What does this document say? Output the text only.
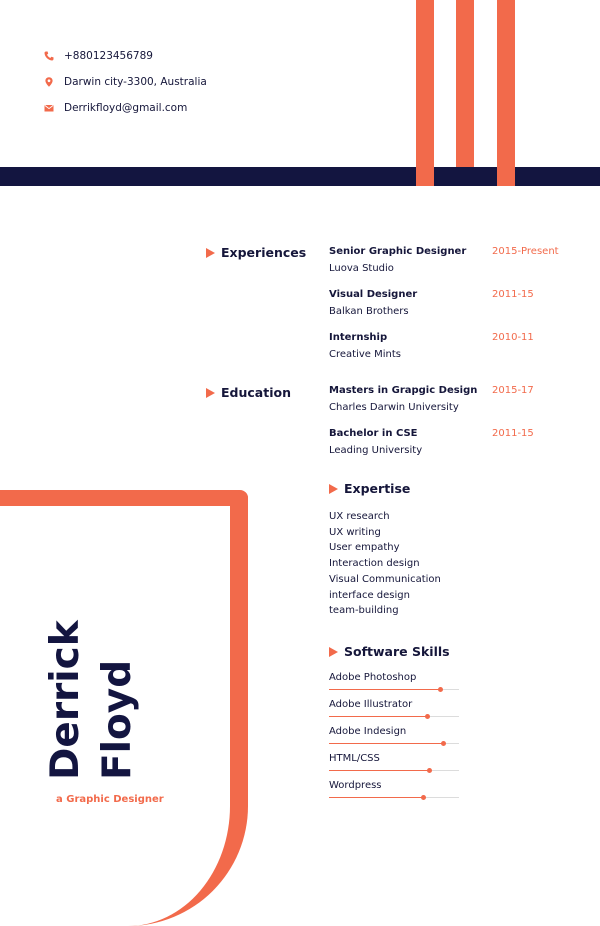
+880123456789
Darwin city-3300, Australia
Derrikfloyd@gmail.com
Experiences Senior Graphic Designer
Luova Studio
2015-Present
Visual Designer
Balkan Brothers
2011-15
Internship
Creative Mints
2010-11
Education	Masters in Grapgic Design
Charles Darwin University
2015-17
Bachelor in CSE
Leading University
2011-15
Expertise
UX research
UX writing
User empathy
Interaction design
Visual Communication
interface design
team-building
Software Skills
Adobe Photoshop
Adobe Illustrator
Adobe Indesign
HTML/CSS
Wordpress
Derrick Floyd
a Graphic Designer
